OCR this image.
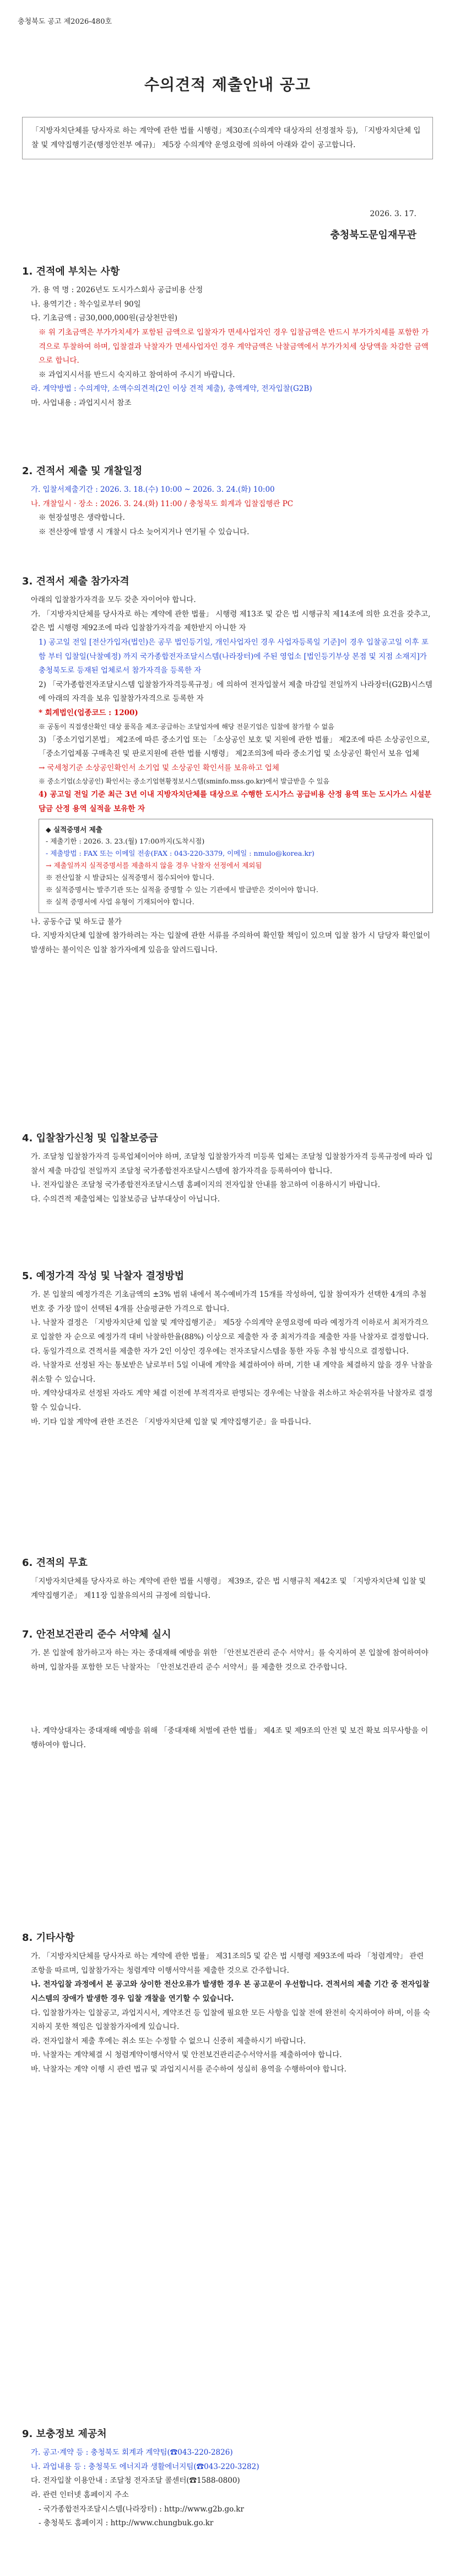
충청북도 공고 제2026-480호
수의견적 제출안내 공고
「지방자치단체를 당사자로 하는 계약에 관한 법률 시행령」제30조(수의계약 대상자의 선정절차 등), 「지방자치단체 입찰 및 계약집행기준(행정안전부 예규)」 제5장 수의계약 운영요령에 의하여 아래와 같이 공고합니다.
2026. 3. 17.
충청북도문임재무관
1. 견적에 부치는 사항

가. 용 역 명 : 2026년도 도시가스회사 공급비용 산정

나. 용역기간 : 착수일로부터 90일

다. 기초금액 : 금30,000,000원(금상천만원)

※ 위 기초금액은 부가가치세가 포함된 금액으로 입찰자가 면세사업자인 경우 입찰금액은 반드시 부가가치세를 포함한 가격으로 투찰하여 하며, 입찰결과 낙찰자가 면세사업자인 경우 계약금액은 낙찰금액에서 부가가치세 상당액을 차감한 금액으로 합니다.

※ 과업지시서를 반드시 숙지하고 참여하여 주시기 바랍니다.

라. 계약방법 : 수의계약, 소액수의견적(2인 이상 견적 제출), 총액계약, 전자입찰(G2B)

마. 사업내용 : 과업지시서 참조

2. 견적서 제출 및 개찰일정

가. 입찰서제출기간 : 2026. 3. 18.(수) 10:00 ~ 2026. 3. 24.(화) 10:00

나. 개찰일시 · 장소 : 2026. 3. 24.(화) 11:00 / 충청북도 회계과 입찰집행관 PC

※ 현장설명은 생략합니다.

※ 전산장애 발생 시 개찰시 다소 늦어지거나 연기될 수 있습니다.

3. 견적서 제출 참가자격

아래의 입찰참가자격을 모두 갖춘 자이어야 합니다.

가. 「지방자치단체를 당사자로 하는 계약에 관한 법률」 시행령 제13조 및 같은 법 시행규칙 제14조에 의한 요건을 갖추고, 같은 법 시행령 제92조에 따라 입찰참가자격을 제한받지 아니한 자

1) 공고일 전일 [전산가입자(법인)은 공무 법인등기일, 개인사업자인 경우 사업자등록일 기준]이 경우 입찰공고일 이후 포함 부터 입찰일(낙찰예정) 까지 국가종합전자조달시스템(나라장터)에 주된 영업소 [법인등기부상 본점 및 지점 소재지]가 충청북도로 등재된 업체로서 참가자격을 등록한 자

2) 「국가종합전자조달시스템 입찰참가자격등록규정」에 의하여 전자입찰서 제출 마감일 전일까지 나라장터(G2B)시스템에 아래의 자격을 보유 입찰참가자격으로 등록한 자

* 회계법인(업종코드 : 1200)

※ 공동이 직접생산확인 대상 품목을 제조·공급하는 조달업자에 해당 전문기업은 입찰에 참가할 수 없음

3) 「중소기업기본법」 제2조에 따른 중소기업 또는 「소상공인 보호 및 지원에 관한 법률」 제2조에 따른 소상공인으로, 「중소기업제품 구매촉진 및 판로지원에 관한 법률 시행령」 제2조의3에 따라 중소기업 및 소상공인 확인서 보유 업체

→ 국세청기준 소상공인확인서 소기업 및 소상공인 확인서를 보유하고 업체

※ 중소기업(소상공인) 확인서는 중소기업현황정보시스템(sminfo.mss.go.kr)에서 발급받을 수 있음

4) 공고일 전일 기준 최근 3년 이내 지방자치단체를 대상으로 수행한 도시가스 공급비용 산정 용역 또는 도시가스 시설분담금 산정 용역 실적을 보유한 자

◆ 실적증명서 제출

- 제출기한 : 2026. 3. 23.(월) 17:00까지(도착시점)

- 제출방법 : FAX 또는 이메일 전송(FAX : 043-220-3379, 이메일 : nmulo@korea.kr)

→ 제출일까지 실적증명서를 제출하지 않을 경우 낙찰자 선정에서 제외됨

※ 전산입찰 시 발급되는 실적증명서 접수되어야 합니다.

※ 실적증명서는 발주기관 또는 실적을 증명할 수 있는 기관에서 발급받은 것이어야 합니다.

※ 실적 증명서에 사업 유형이 기재되어야 합니다.

나. 공동수급 및 하도급 불가

다. 지방자치단체 입찰에 참가하려는 자는 입찰에 관한 서류를 주의하여 확인할 책임이 있으며 입찰 참가 시 담당자 확인없이 발생하는 불이익은 입찰 참가자에게 있음을 알려드립니다.

4. 입찰참가신청 및 입찰보증금

가. 조달청 입찰참가자격 등록업체이어야 하며, 조달청 입찰참가자격 미등록 업체는 조달청 입찰참가자격 등록규정에 따라 입찰서 제출 마감일 전일까지 조달청 국가종합전자조달시스템에 참가자격을 등록하여야 합니다.

나. 전자입찰은 조달청 국가종합전자조달시스템 홈페이지의 전자입찰 안내를 참고하여 이용하시기 바랍니다.

다. 수의견적 제출업체는 입찰보증금 납부대상이 아닙니다.

5. 예정가격 작성 및 낙찰자 결정방법

가. 본 입찰의 예정가격은 기초금액의 ±3% 범위 내에서 복수예비가격 15개를 작성하여, 입찰 참여자가 선택한 4개의 추첨번호 중 가장 많이 선택된 4개를 산술평균한 가격으로 합니다.

나. 낙찰자 결정은 「지방자치단체 입찰 및 계약집행기준」 제5장 수의계약 운영요령에 따라 예정가격 이하로서 최저가격으로 입찰한 자 순으로 예정가격 대비 낙찰하한율(88%) 이상으로 제출한 자 중 최저가격을 제출한 자를 낙찰자로 결정합니다.

다. 동일가격으로 견적서를 제출한 자가 2인 이상인 경우에는 전자조달시스템을 통한 자동 추첨 방식으로 결정합니다.

라. 낙찰자로 선정된 자는 통보받은 날로부터 5일 이내에 계약을 체결하여야 하며, 기한 내 계약을 체결하지 않을 경우 낙찰을 취소할 수 있습니다.

마. 계약상대자로 선정된 자라도 계약 체결 이전에 부적격자로 판명되는 경우에는 낙찰을 취소하고 차순위자를 낙찰자로 결정할 수 있습니다.

바. 기타 입찰 계약에 관한 조건은 「지방자치단체 입찰 및 계약집행기준」을 따릅니다.

6. 견적의 무효

「지방자치단체를 당사자로 하는 계약에 관한 법률 시행령」 제39조, 같은 법 시행규칙 제42조 및 「지방자치단체 입찰 및 계약집행기준」 제11장 입찰유의서의 규정에 의합니다.

7. 안전보건관리 준수 서약체 실시

가. 본 입찰에 참가하고자 하는 자는 중대재해 예방을 위한 「안전보건관리 준수 서약서」를 숙지하여 본 입찰에 참여하여야 하며, 입찰자를 포함한 모든 낙찰자는 「안전보건관리 준수 서약서」를 제출한 것으로 간주합니다.

나. 계약상대자는 중대재해 예방을 위해 「중대재해 처벌에 관한 법률」 제4조 및 제9조의 안전 및 보건 확보 의무사항을 이행하여야 합니다.

8. 기타사항

가. 「지방자치단체를 당사자로 하는 계약에 관한 법률」 제31조의5 및 같은 법 시행령 제93조에 따라 「청렴계약」 관련 조항을 따르며, 입찰참가자는 청렴계약 이행서약서를 제출한 것으로 간주합니다.

나. 전자입찰 과정에서 본 공고와 상이한 전산오류가 발생한 경우 본 공고문이 우선합니다. 견적서의 제출 기간 중 전자입찰 시스템의 장애가 발생한 경우 입찰 개찰을 연기할 수 있습니다.

다. 입찰참가자는 입찰공고, 과업지시서, 계약조건 등 입찰에 필요한 모든 사항을 입찰 전에 완전히 숙지하여야 하며, 이를 숙지하지 못한 책임은 입찰참가자에게 있습니다.

라. 전자입찰서 제출 후에는 취소 또는 수정할 수 없으니 신중히 제출하시기 바랍니다.

마. 낙찰자는 계약체결 시 청렴계약이행서약서 및 안전보건관리준수서약서를 제출하여야 합니다.

바. 낙찰자는 계약 이행 시 관련 법규 및 과업지시서를 준수하여 성실히 용역을 수행하여야 합니다.

9. 보충정보 제공처

가. 공고·계약 등 : 충청북도 회계과 계약팀(☎043-220-2826)

나. 과업내용 등 : 충청북도 에너지과 생활에너지팀(☎043-220-3282)

다. 전자입찰 이용안내 : 조달청 전자조달 콜센터(☎1588-0800)

라. 관련 인터넷 홈페이지 주소

- 국가종합전자조달시스템(나라장터) : http://www.g2b.go.kr

- 충청북도 홈페이지 : http://www.chungbuk.go.kr
